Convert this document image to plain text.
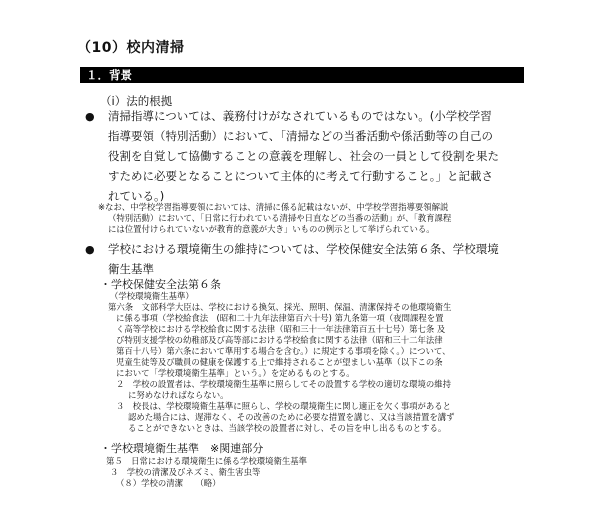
（10）校内清掃
１．背景
（ⅰ）法的根拠
● 清掃指導については、義務付けがなされているものではない。(小学校学習
指導要領（特別活動）において、「清掃などの当番活動や係活動等の自己の
役割を自覚して協働することの意義を理解し、社会の一員として役割を果た
すために必要となることについて主体的に考えて行動すること。」と記載さ
れている。)
※なお、中学校学習指導要領においては、清掃に係る記載はないが、中学校学習指導要領解説
（特別活動）において、「日常に行われている清掃や日直などの当番の活動」が、「教育課程
には位置付けられていないが教育的意義が大き」いものの例示として挙げられている。
● 学校における環境衛生の維持については、学校保健安全法第６条、学校環境
衛生基準
・学校保健安全法第６条
（学校環境衛生基準）
第六条　文部科学大臣は、学校における換気、採光、照明、保温、清潔保持その他環境衛生
に係る事項（学校給食法　(昭和二十九年法律第百六十号) 第九条第一項（夜間課程を置
く高等学校における学校給食に関する法律（昭和三十一年法律第百五十七号）第七条 及
び特別支援学校の幼稚部及び高等部における学校給食に関する法律（昭和三十二年法律
第百十八号）第六条において準用する場合を含む。）に規定する事項を除く。）について、
児童生徒等及び職員の健康を保護する上で維持されることが望ましい基準（以下この条
において「学校環境衛生基準」という。）を定めるものとする。
２　学校の設置者は、学校環境衛生基準に照らしてその設置する学校の適切な環境の維持
に努めなければならない。
３　校長は、学校環境衛生基準に照らし、学校の環境衛生に関し適正を欠く事項があると
認めた場合には、遅滞なく、その改善のために必要な措置を講じ、又は当該措置を講ず
ることができないときは、当該学校の設置者に対し、その旨を申し出るものとする。
・学校環境衛生基準　※関連部分
第５　日常における環境衛生に係る学校環境衛生基準
３　学校の清潔及びネズミ、衛生害虫等
（８）学校の清潔　　（略）
